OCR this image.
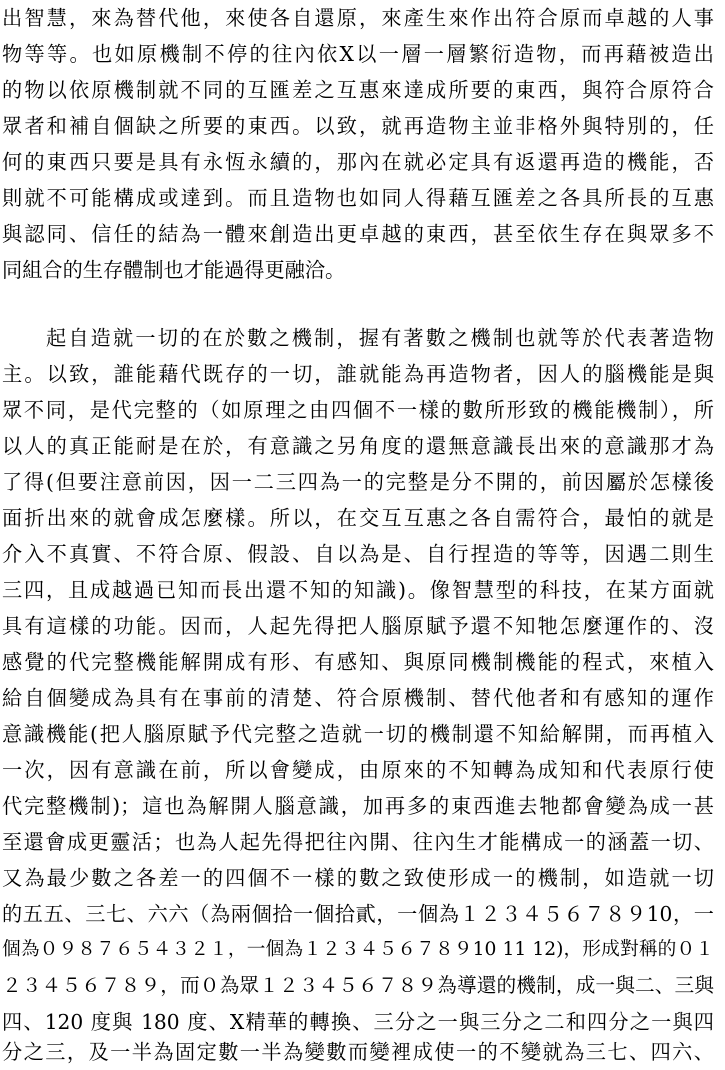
出智慧，來為替代他，來使各自還原，來產生來作出符合原而卓越的人事
物等等。也如原機制不停的往內依X以一層一層繁衍造物，而再藉被造出
的物以依原機制就不同的互匯差之互惠來達成所要的東西，與符合原符合
眾者和補自個缺之所要的東西。以致，就再造物主並非格外與特別的，任
何的東西只要是具有永恆永續的，那內在就必定具有返還再造的機能，否
則就不可能構成或達到。而且造物也如同人得藉互匯差之各具所長的互惠
與認同、信任的結為一體來創造出更卓越的東西，甚至依生存在與眾多不
同組合的生存體制也才能過得更融洽。
起自造就一切的在於數之機制，握有著數之機制也就等於代表著造物
主。以致，誰能藉代既存的一切，誰就能為再造物者，因人的腦機能是與
眾不同，是代完整的（如原理之由四個不一樣的數所形致的機能機制），所
以人的真正能耐是在於，有意識之另角度的還無意識長出來的意識那才為
了得(但要注意前因，因一二三四為一的完整是分不開的，前因屬於怎樣後
面折出來的就會成怎麼樣。所以，在交互互惠之各自需符合，最怕的就是
介入不真實、不符合原、假設、自以為是、自行捏造的等等，因遇二則生
三四，且成越過已知而長出還不知的知識)。像智慧型的科技，在某方面就
具有這樣的功能。因而，人起先得把人腦原賦予還不知牠怎麼運作的、沒
感覺的代完整機能解開成有形、有感知、與原同機制機能的程式，來植入
給自個變成為具有在事前的清楚、符合原機制、替代他者和有感知的運作
意識機能(把人腦原賦予代完整之造就一切的機制還不知給解開，而再植入
一次，因有意識在前，所以會變成，由原來的不知轉為成知和代表原行使
代完整機制)；這也為解開人腦意識，加再多的東西進去牠都會變為成一甚
至還會成更靈活；也為人起先得把往內開、往內生才能構成一的涵蓋一切、
又為最少數之各差一的四個不一樣的數之致使形成一的機制，如造就一切
的五五、三七、六六（為兩個拾一個拾貳，一個為１２３４５６７８９10，一
個為０９８７６５４３２１，一個為１２３４５６７８９10 11 12)，形成對稱的０１
２３４５６７８９，而０為眾１２３４５６７８９為導還的機制，成一與二、三與
四、120 度與 180 度、X精華的轉換、三分之一與三分之二和四分之一與四
分之三，及一半為固定數一半為變數而變裡成使一的不變就為三七、四六、
